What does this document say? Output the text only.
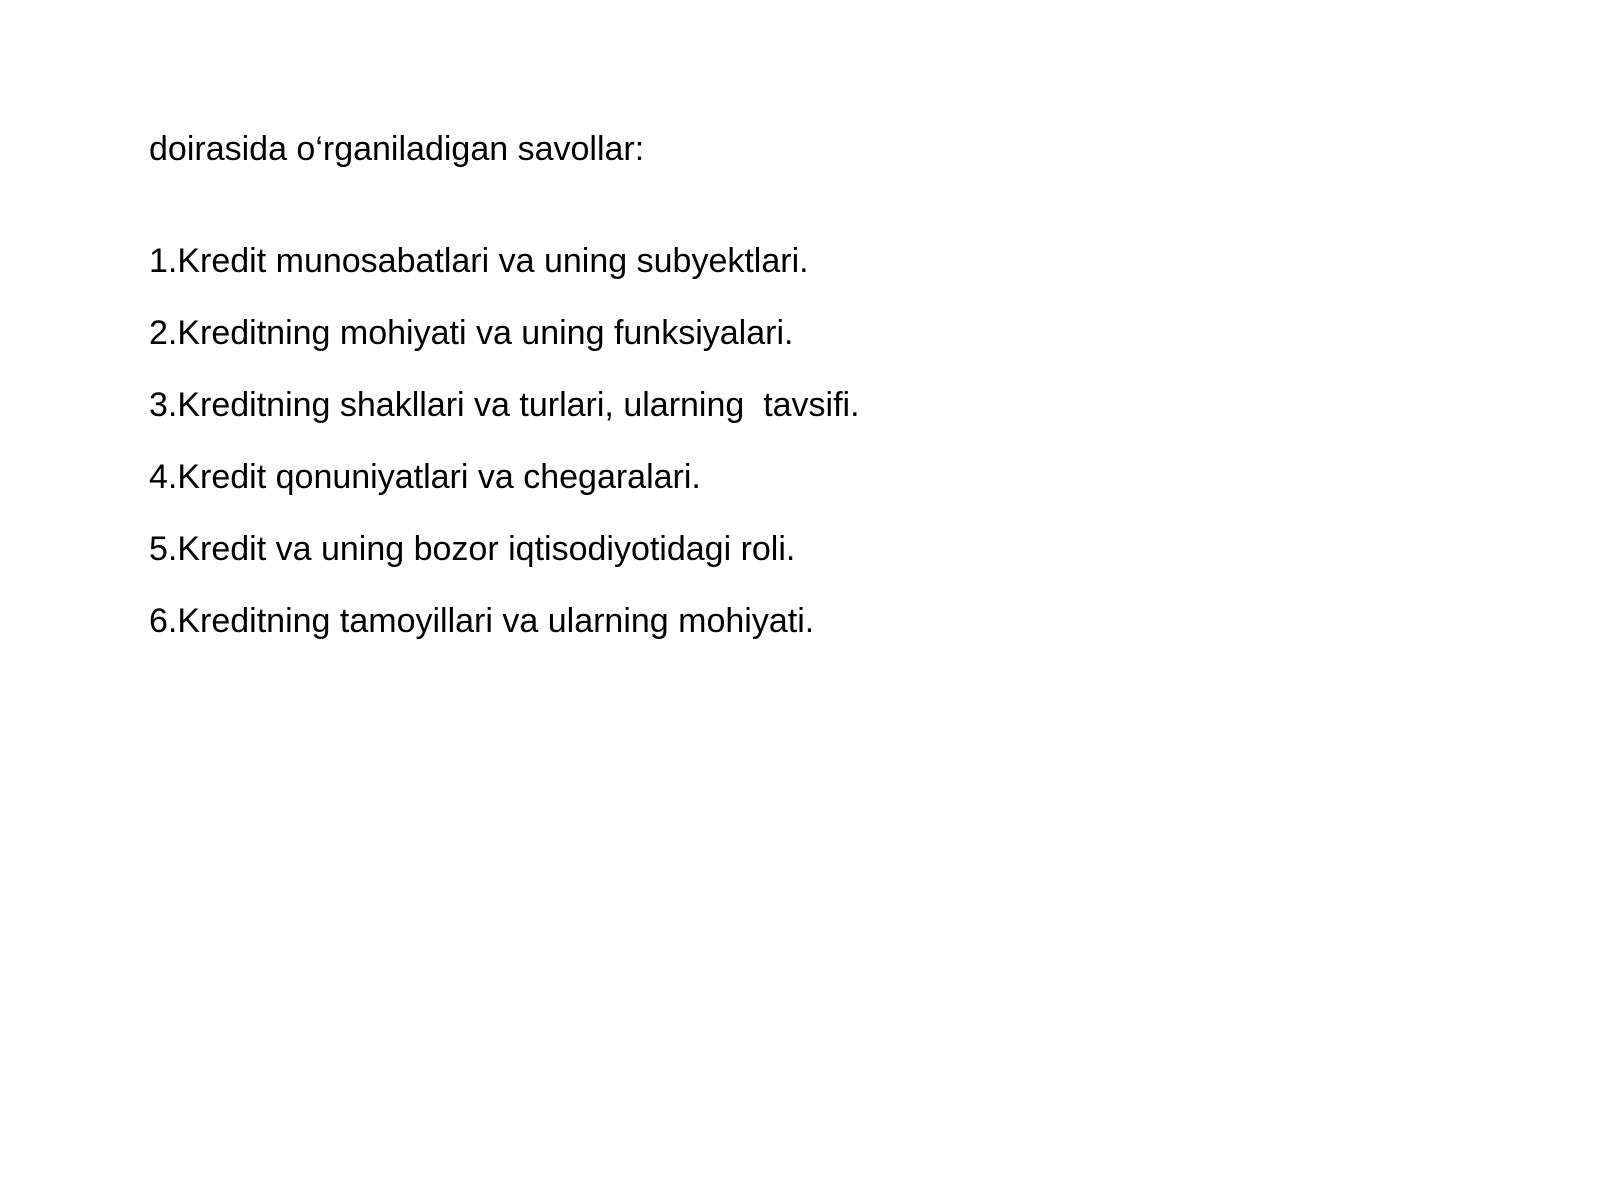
doirasida o‘rganiladigan savollar:

1.Kredit munosabatlari va uning subyektlari.
2.Kreditning mohiyati va uning funksiyalari.
3.Kreditning shakllari va turlari, ularning  tavsifi.
4.Kredit qonuniyatlari va chegaralari.
5.Kredit va uning bozor iqtisodiyotidagi roli.
6.Kreditning tamoyillari va ularning mohiyati.
